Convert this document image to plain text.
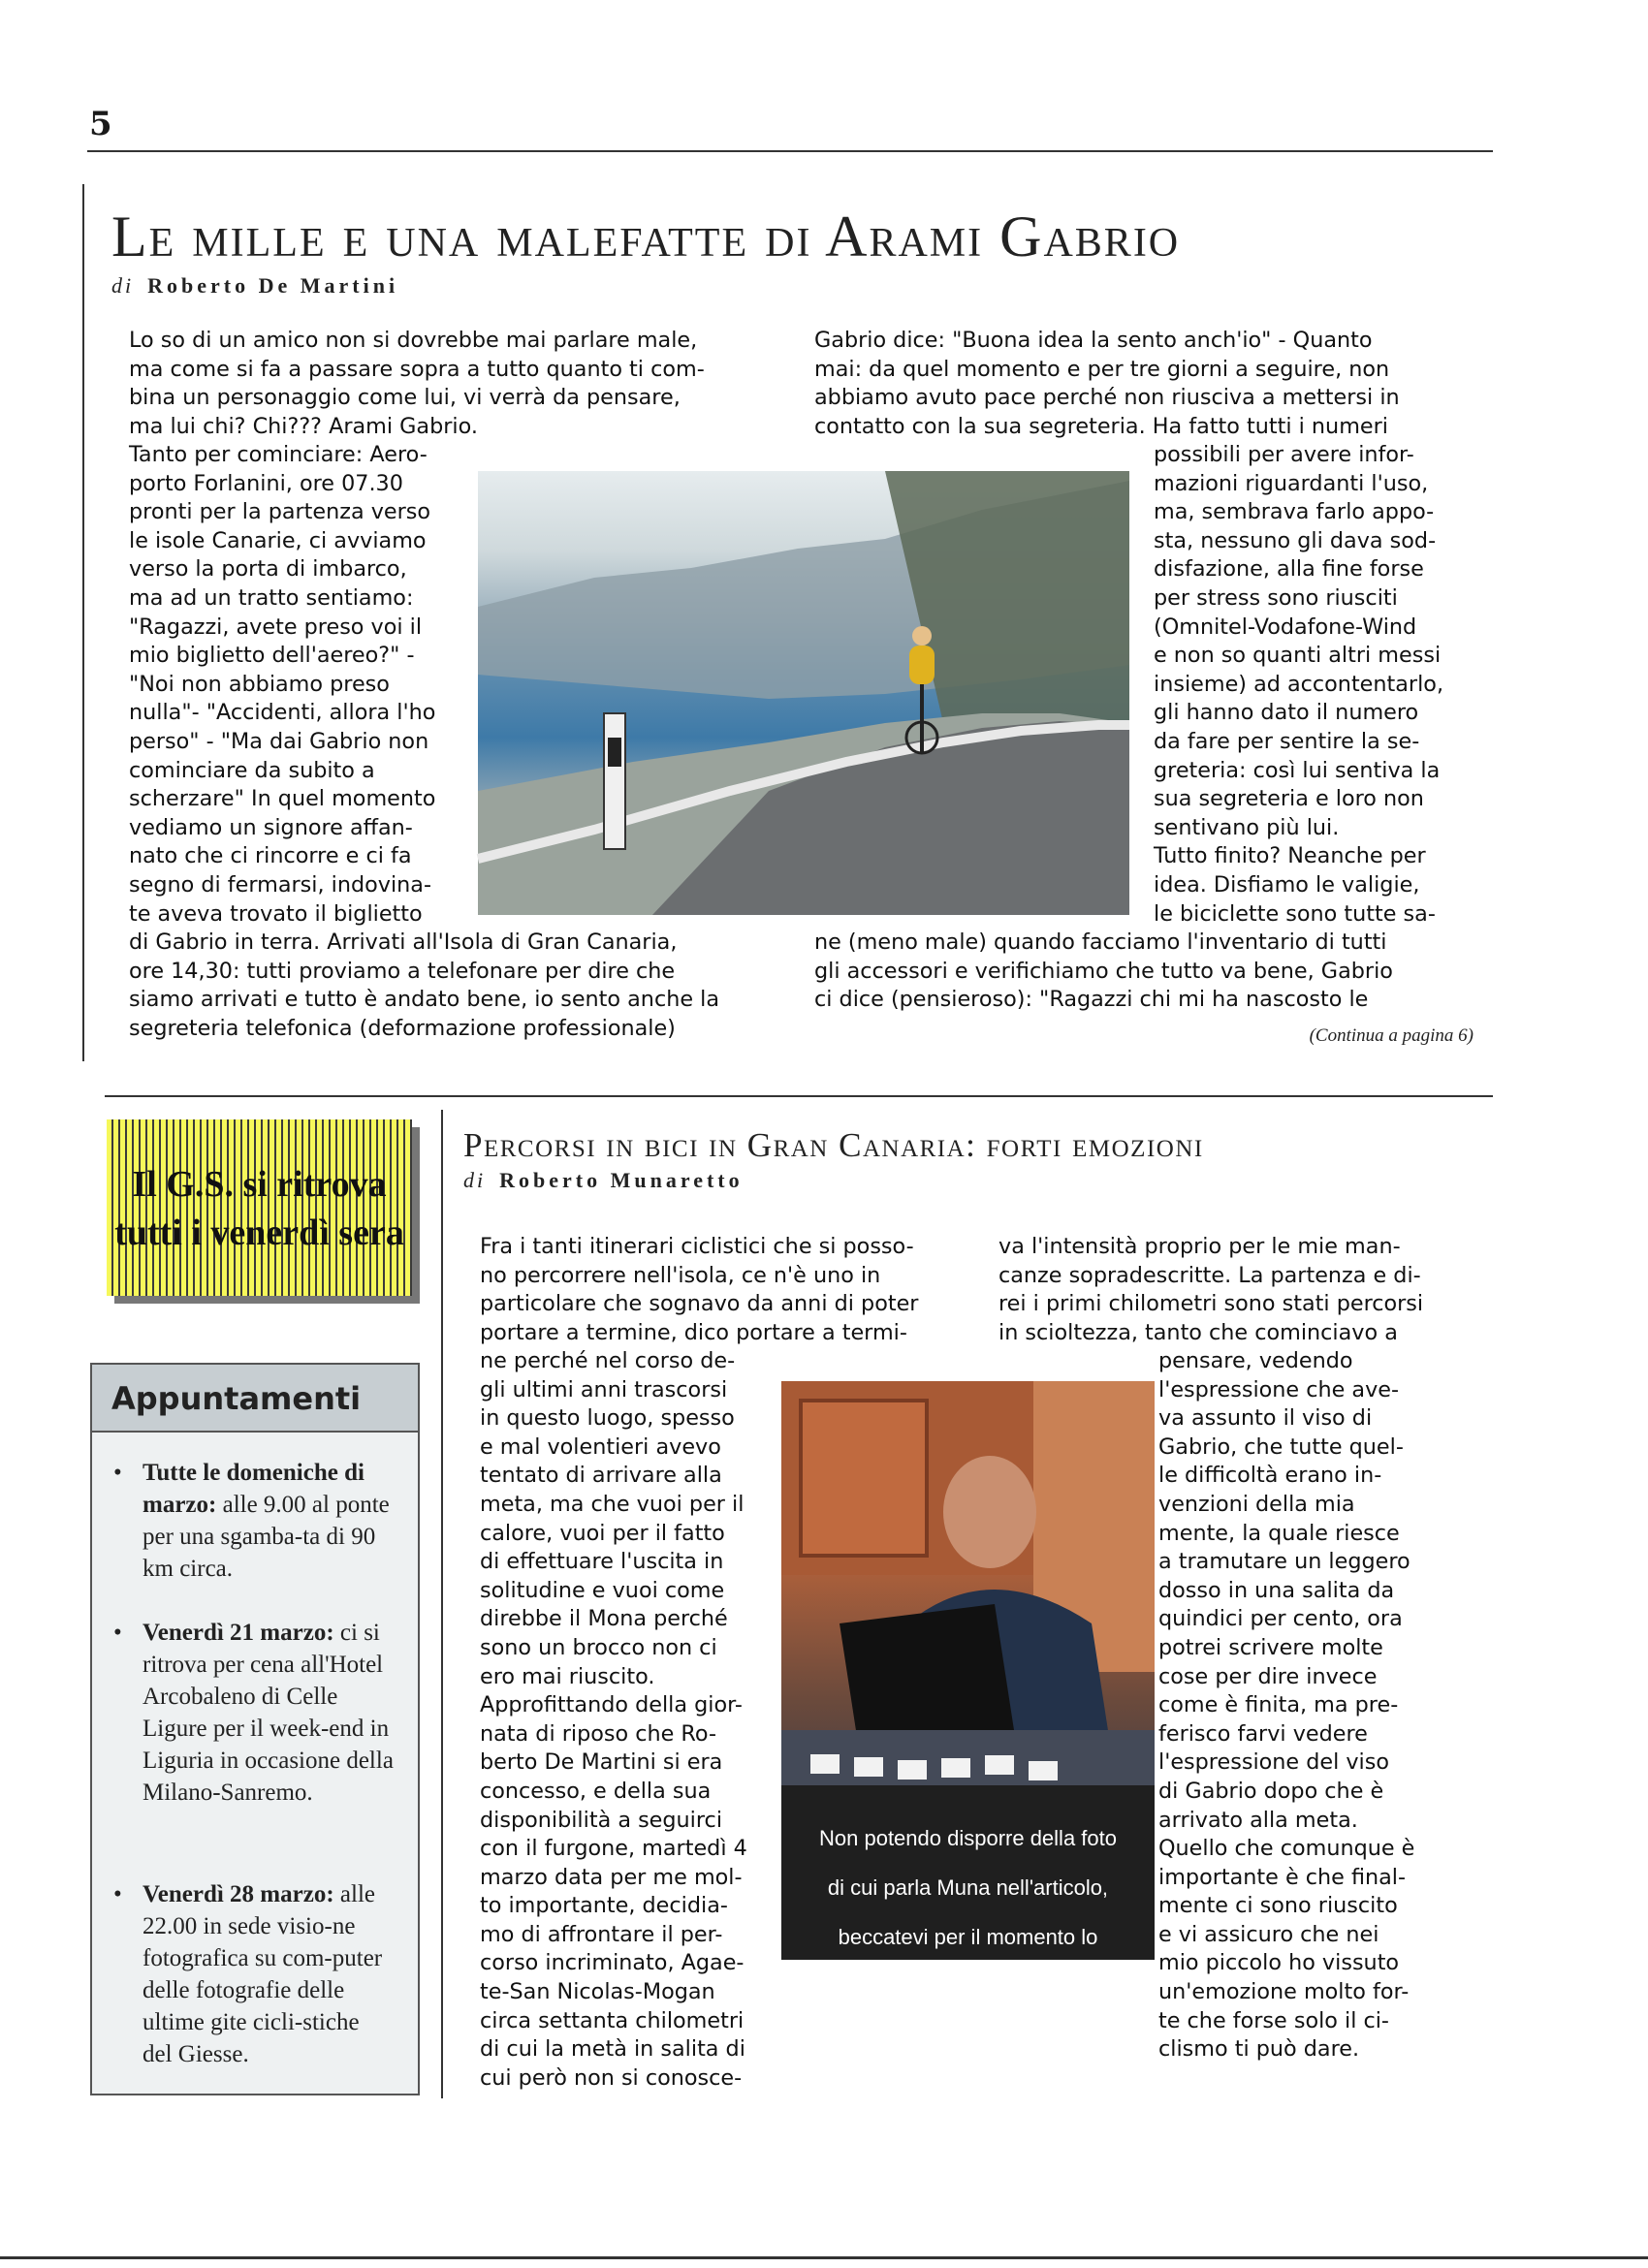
5
Le mille e una malefatte di Arami Gabrio
di Roberto De Martini

Lo so di un amico non si dovrebbe mai parlare male,

ma come si fa a passare sopra a tutto quanto ti com-

bina un personaggio come lui, vi verrà da pensare,

ma lui chi? Chi??? Arami Gabrio.

Tanto per cominciare: Aero-

porto Forlanini, ore 07.30

pronti per la partenza verso

le isole Canarie, ci avviamo

verso la porta di imbarco,

ma ad un tratto sentiamo:

"Ragazzi, avete preso voi il

mio biglietto dell'aereo?" -

"Noi non abbiamo preso

nulla"- "Accidenti, allora l'ho

perso" - "Ma dai Gabrio non

cominciare da subito a

scherzare" In quel momento

vediamo un signore affan-

nato che ci rincorre e ci fa

segno di fermarsi, indovina-

te aveva trovato il biglietto

di Gabrio in terra. Arrivati all'Isola di Gran Canaria,

ore 14,30: tutti proviamo a telefonare per dire che

siamo arrivati e tutto è andato bene, io sento anche la

segreteria telefonica (deformazione professionale)

Gabrio dice: "Buona idea la sento anch'io" - Quanto

mai: da quel momento e per tre giorni a seguire, non

abbiamo avuto pace perché non riusciva a mettersi in

contatto con la sua segreteria. Ha fatto tutti i numeri

possibili per avere infor-

mazioni riguardanti l'uso,

ma, sembrava farlo appo-

sta, nessuno gli dava sod-

disfazione, alla fine forse

per stress sono riusciti

(Omnitel-Vodafone-Wind

e non so quanti altri messi

insieme) ad accontentarlo,

gli hanno dato il numero

da fare per sentire la se-

greteria: così lui sentiva la

sua segreteria e loro non

sentivano più lui.

Tutto finito? Neanche per

idea. Disfiamo le valigie,

le biciclette sono tutte sa-

ne (meno male) quando facciamo l'inventario di tutti

gli accessori e verifichiamo che tutto va bene, Gabrio

ci dice (pensieroso): "Ragazzi chi mi ha nascosto le

(Continua a pagina 6)
Percorsi in bici in Gran Canaria: forti emozioni
di Roberto Munaretto

Fra i tanti itinerari ciclistici che si posso-

no percorrere nell'isola, ce n'è uno in

particolare che sognavo da anni di poter

portare a termine, dico portare a termi-

ne perché nel corso de-

gli ultimi anni trascorsi

in questo luogo, spesso

e mal volentieri avevo

tentato di arrivare alla

meta, ma che vuoi per il

calore, vuoi per il fatto

di effettuare l'uscita in

solitudine e vuoi come

direbbe il Mona perché

sono un brocco non ci

ero mai riuscito.

Approfittando della gior-

nata di riposo che Ro-

berto De Martini si era

concesso, e della sua

disponibilità a seguirci

con il furgone, martedì 4

marzo data per me mol-

to importante, decidia-

mo di affrontare il per-

corso incriminato, Agae-

te-San Nicolas-Mogan

circa settanta chilometri

di cui la metà in salita di

cui però non si conosce-

va l'intensità proprio per le mie man-

canze sopradescritte. La partenza e di-

rei i primi chilometri sono stati percorsi

in scioltezza, tanto che cominciavo a

pensare, vedendo

l'espressione che ave-

va assunto il viso di

Gabrio, che tutte quel-

le difficoltà erano in-

venzioni della mia

mente, la quale riesce

a tramutare un leggero

dosso in una salita da

quindici per cento, ora

potrei scrivere molte

cose per dire invece

come è finita, ma pre-

ferisco farvi vedere

l'espressione del viso

di Gabrio dopo che è

arrivato alla meta.

Quello che comunque è

importante è che final-

mente ci sono riuscito

e vi assicuro che nei

mio piccolo ho vissuto

un'emozione molto for-

te che forse solo il ci-

clismo ti può dare.

Non potendo disporre della foto

di cui parla Muna nell'articolo,

beccatevi per il momento lo

stesso impegnato col computer

della redazione.

Il G.S. si ritrova
tutti i venerdì sera
Appuntamenti
• Tutte le domeniche di marzo: alle 9.00 al ponte per una sgamba-ta di 90 km circa.
• Venerdì 21 marzo: ci si ritrova per cena all'Hotel Arcobaleno di Celle Ligure per il week-end in Liguria in occasione della Milano-Sanremo.
• Venerdì 28 marzo: alle 22.00 in sede visio-ne fotografica su com-puter delle fotografie delle ultime gite cicli-stiche del Giesse.
